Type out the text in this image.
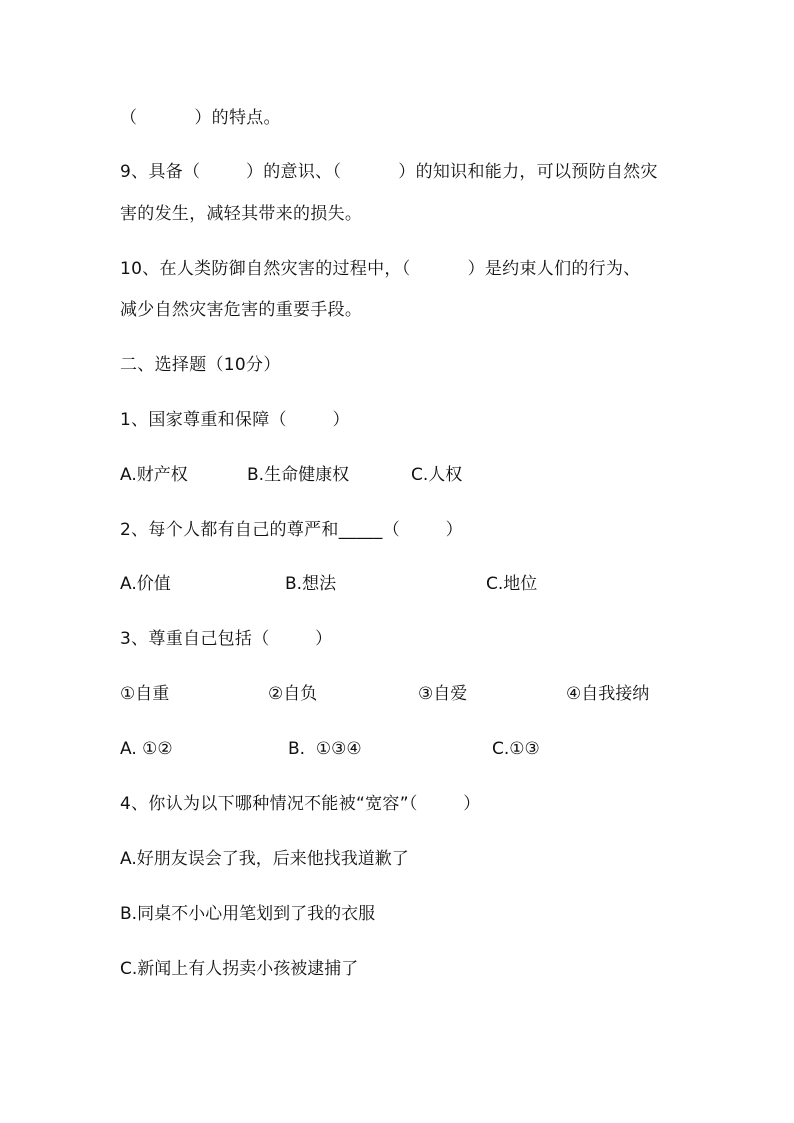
（          ）的特点。
9、具备（        ）的意识、（          ）的知识和能力，可以预防自然灾
害的发生，减轻其带来的损失。
10、在人类防御自然灾害的过程中，（          ）是约束人们的行为、
减少自然灾害危害的重要手段。
二、选择题（10分）
1、国家尊重和保障（        ）
A.财产权	B.生命健康权	C.人权
2、每个人都有自己的尊严和_____（        ）
A.价值	B.想法	C.地位
3、尊重自己包括（        ）
①自重	②自负	③自爱	④自我接纳
A. ①②	B.  ①③④	C.①③
4、你认为以下哪种情况不能被“宽容”（        ）
A.好朋友误会了我，后来他找我道歉了
B.同桌不小心用笔划到了我的衣服
C.新闻上有人拐卖小孩被逮捕了
